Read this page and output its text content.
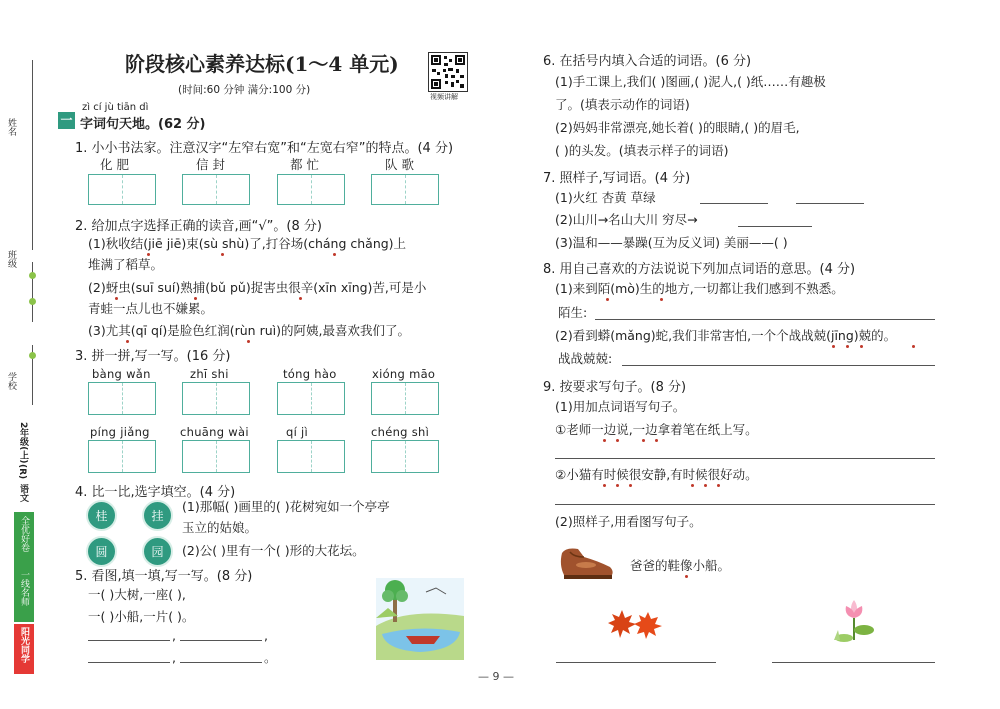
姓名
班级
学校
2年级(上)
(R)
语文
全优好卷
一线名师
阳光同学
阶段核心素养达标(1～4 单元)
(时间:60 分钟 满分:100 分)
视频讲解
zì cí jù tiān dì
一 字词句天地。(62 分)
1. 小小书法家。注意汉字“左窄右宽”和“左宽右窄”的特点。(4 分)
化 肥	信 封	都 忙	队 歌
2. 给加点字选择正确的读音,画“√”。(8 分)
(1)秋收结(jiē jiē)束(sù shù)了,打谷场(cháng chǎng)上
堆满了稻草。
(2)蚜虫(suī suí)熟捕(bǔ pǔ)捉害虫很辛(xīn xīng)苦,可是小
青蛙一点儿也不嫌累。
(3)尤其(qī qí)是脸色红润(rùn ruì)的阿姨,最喜欢我们了。
3. 拼一拼,写一写。(16 分)
bàng wǎn	zhī shi	tóng hào	xióng māo
píng jiǎng	chuāng wài	qí jì	chéng shì
4. 比一比,选字填空。(4 分)
桂	挂
圆	园
(1)那幅( )画里的( )花树宛如一个亭亭
玉立的姑娘。
(2)公( )里有一个( )形的大花坛。
5. 看图,填一填,写一写。(8 分)
一( )大树,一座( ),
一( )小船,一片( )。
,	,
,	。
— 9 —
6. 在括号内填入合适的词语。(6 分)
(1)手工课上,我们( )图画,( )泥人,( )纸……有趣极
了。(填表示动作的词语)
(2)妈妈非常漂亮,她长着( )的眼睛,( )的眉毛,
( )的头发。(填表示样子的词语)
7. 照样子,写词语。(4 分)
(1)火红 杏黄 草绿
(2)山川→名山大川 穷尽→
(3)温和——暴躁(互为反义词) 美丽——( )
8. 用自己喜欢的方法说说下列加点词语的意思。(4 分)
(1)来到陌(mò)生的地方,一切都让我们感到不熟悉。
陌生:
(2)看到蟒(mǎng)蛇,我们非常害怕,一个个战战兢(jīng)兢的。
战战兢兢:
9. 按要求写句子。(8 分)
(1)用加点词语写句子。
①老师一边说,一边拿着笔在纸上写。
②小猫有时候很安静,有时候很好动。
(2)照样子,用看图写句子。
爸爸的鞋像小船。
